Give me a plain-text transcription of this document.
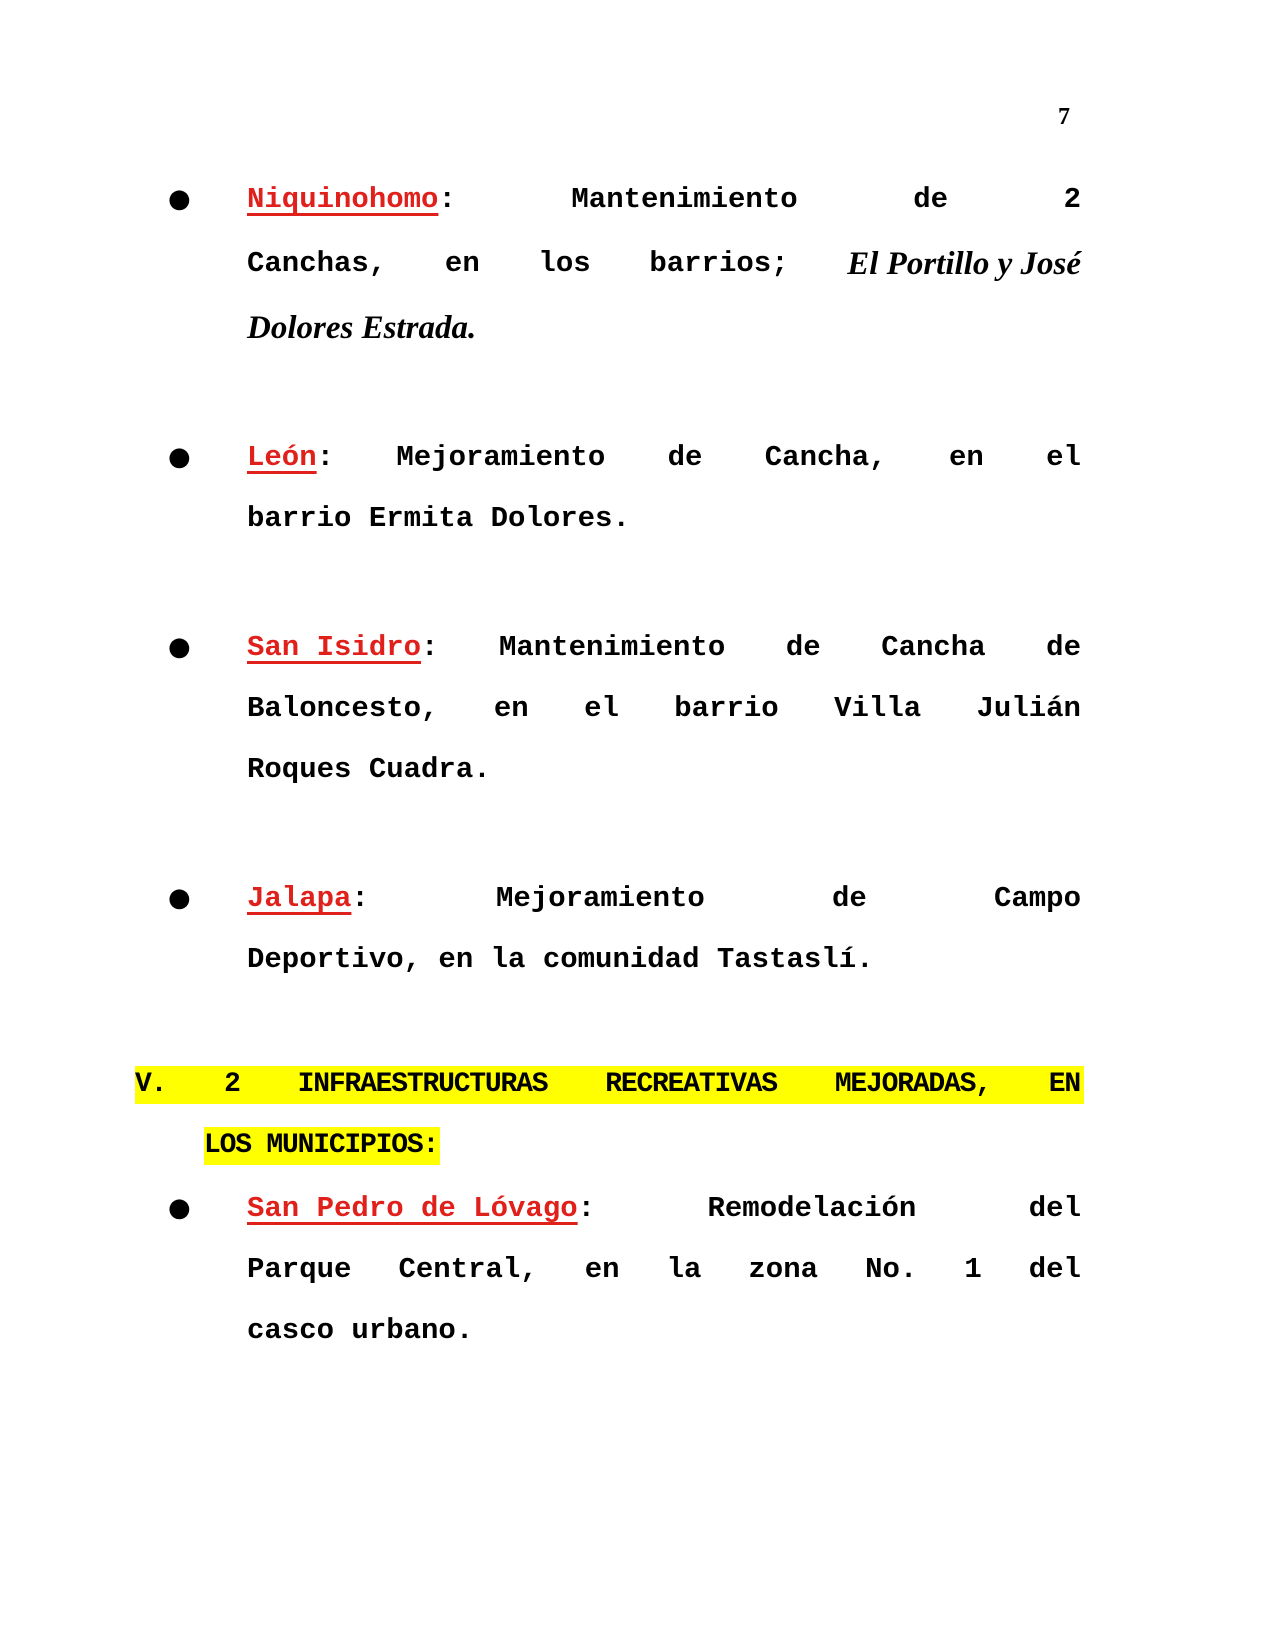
7
● Niquinohomo:	Mantenimiento	de	2
Canchas, en los barrios; El Portillo y José
Dolores Estrada.
● León: Mejoramiento de Cancha, en el
barrio Ermita Dolores.
● San Isidro: Mantenimiento de Cancha de
Baloncesto, en el barrio Villa Julián
Roques Cuadra.
● Jalapa:	Mejoramiento	de	Campo
Deportivo, en la comunidad Tastaslí.
V. 2 INFRAESTRUCTURAS RECREATIVAS MEJORADAS, EN
LOS MUNICIPIOS:
● San Pedro de Lóvago:	Remodelación	del
Parque Central, en la zona No. 1 del
casco urbano.
